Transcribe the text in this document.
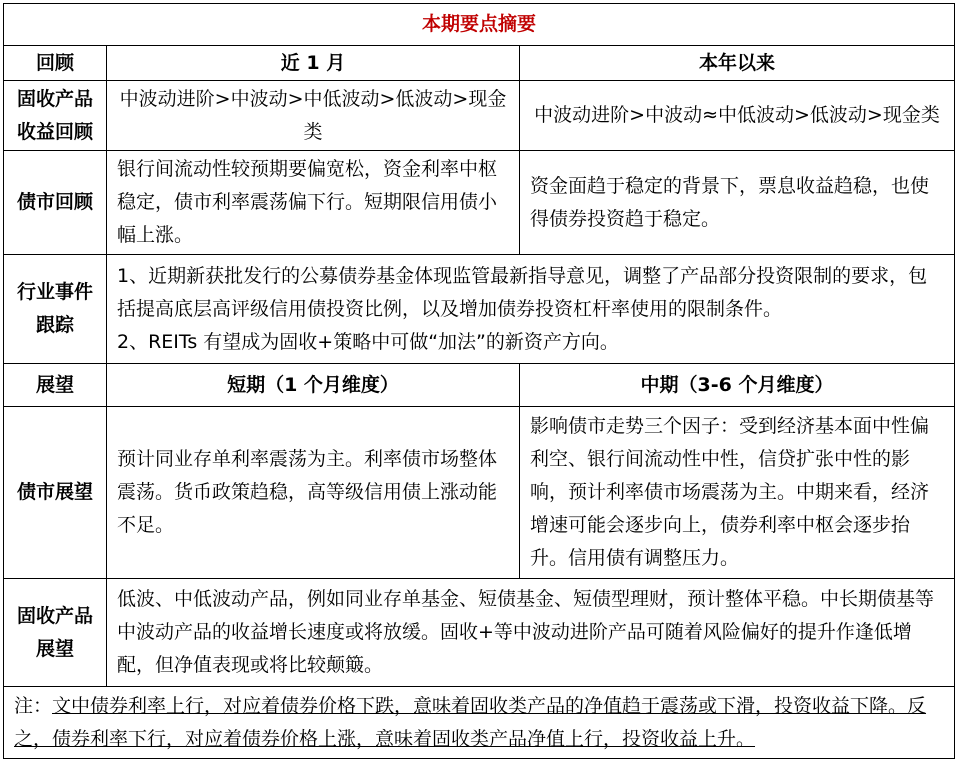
本期要点摘要		
回顾	近 1 月	本年以来
固收产品收益回顾	中波动进阶>中波动>中低波动>低波动>现金类	中波动进阶>中波动≈中低波动>低波动>现金类
债市回顾	银行间流动性较预期要偏宽松，资金利率中枢稳定，债市利率震荡偏下行。短期限信用债小幅上涨。	资金面趋于稳定的背景下，票息收益趋稳，也使得债券投资趋于稳定。
行业事件跟踪	1、近期新获批发行的公募债券基金体现监管最新指导意见，调整了产品部分投资限制的要求，包括提高底层高评级信用债投资比例，以及增加债券投资杠杆率使用的限制条件。
2、REITs 有望成为固收+策略中可做“加法”的新资产方向。	

展望	短期（1 个月维度）	中期（3-6 个月维度）
债市展望	预计同业存单利率震荡为主。利率债市场整体震荡。货币政策趋稳，高等级信用债上涨动能不足。	影响债市走势三个因子：受到经济基本面中性偏利空、银行间流动性中性，信贷扩张中性的影响，预计利率债市场震荡为主。中期来看，经济增速可能会逐步向上，债券利率中枢会逐步抬升。信用债有调整压力。
固收产品展望	低波、中低波动产品，例如同业存单基金、短债基金、短债型理财，预计整体平稳。中长期债基等中波动产品的收益增长速度或将放缓。固收+等中波动进阶产品可随着风险偏好的提升作逢低增配，但净值表现或将比较颠簸。	
注：文中债券利率上行，对应着债券价格下跌，意味着固收类产品的净值趋于震荡或下滑，投资收益下降。反之，债券利率下行，对应着债券价格上涨，意味着固收类产品净值上行，投资收益上升。		
